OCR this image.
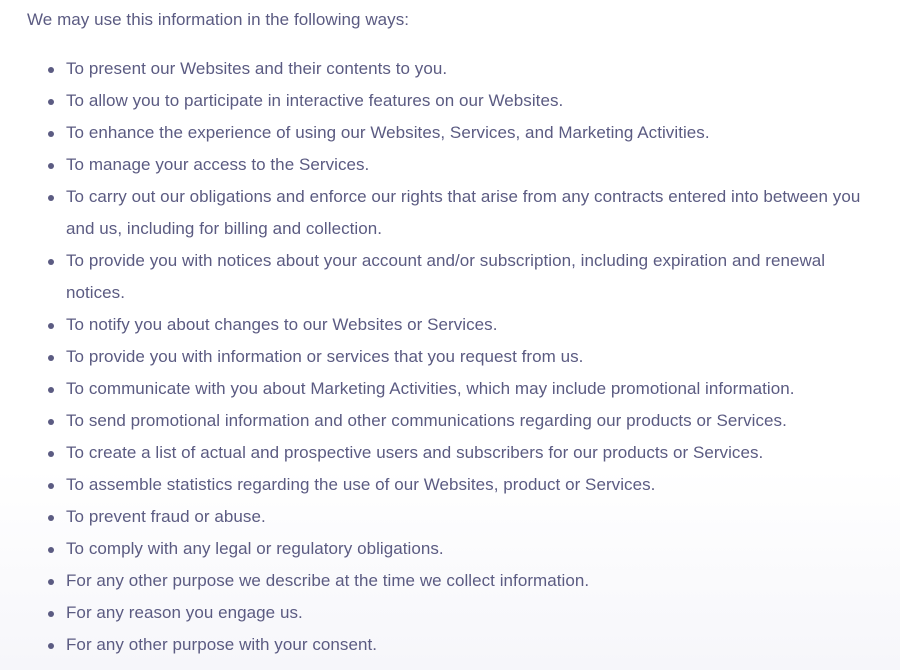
We may use this information in the following ways:

To present our Websites and their contents to you.
To allow you to participate in interactive features on our Websites.
To enhance the experience of using our Websites, Services, and Marketing Activities.
To manage your access to the Services.
To carry out our obligations and enforce our rights that arise from any contracts entered into between you and us, including for billing and collection.
To provide you with notices about your account and/or subscription, including expiration and renewal notices.
To notify you about changes to our Websites or Services.
To provide you with information or services that you request from us.
To communicate with you about Marketing Activities, which may include promotional information.
To send promotional information and other communications regarding our products or Services.
To create a list of actual and prospective users and subscribers for our products or Services.
To assemble statistics regarding the use of our Websites, product or Services.
To prevent fraud or abuse.
To comply with any legal or regulatory obligations.
For any other purpose we describe at the time we collect information.
For any reason you engage us.
For any other purpose with your consent.
